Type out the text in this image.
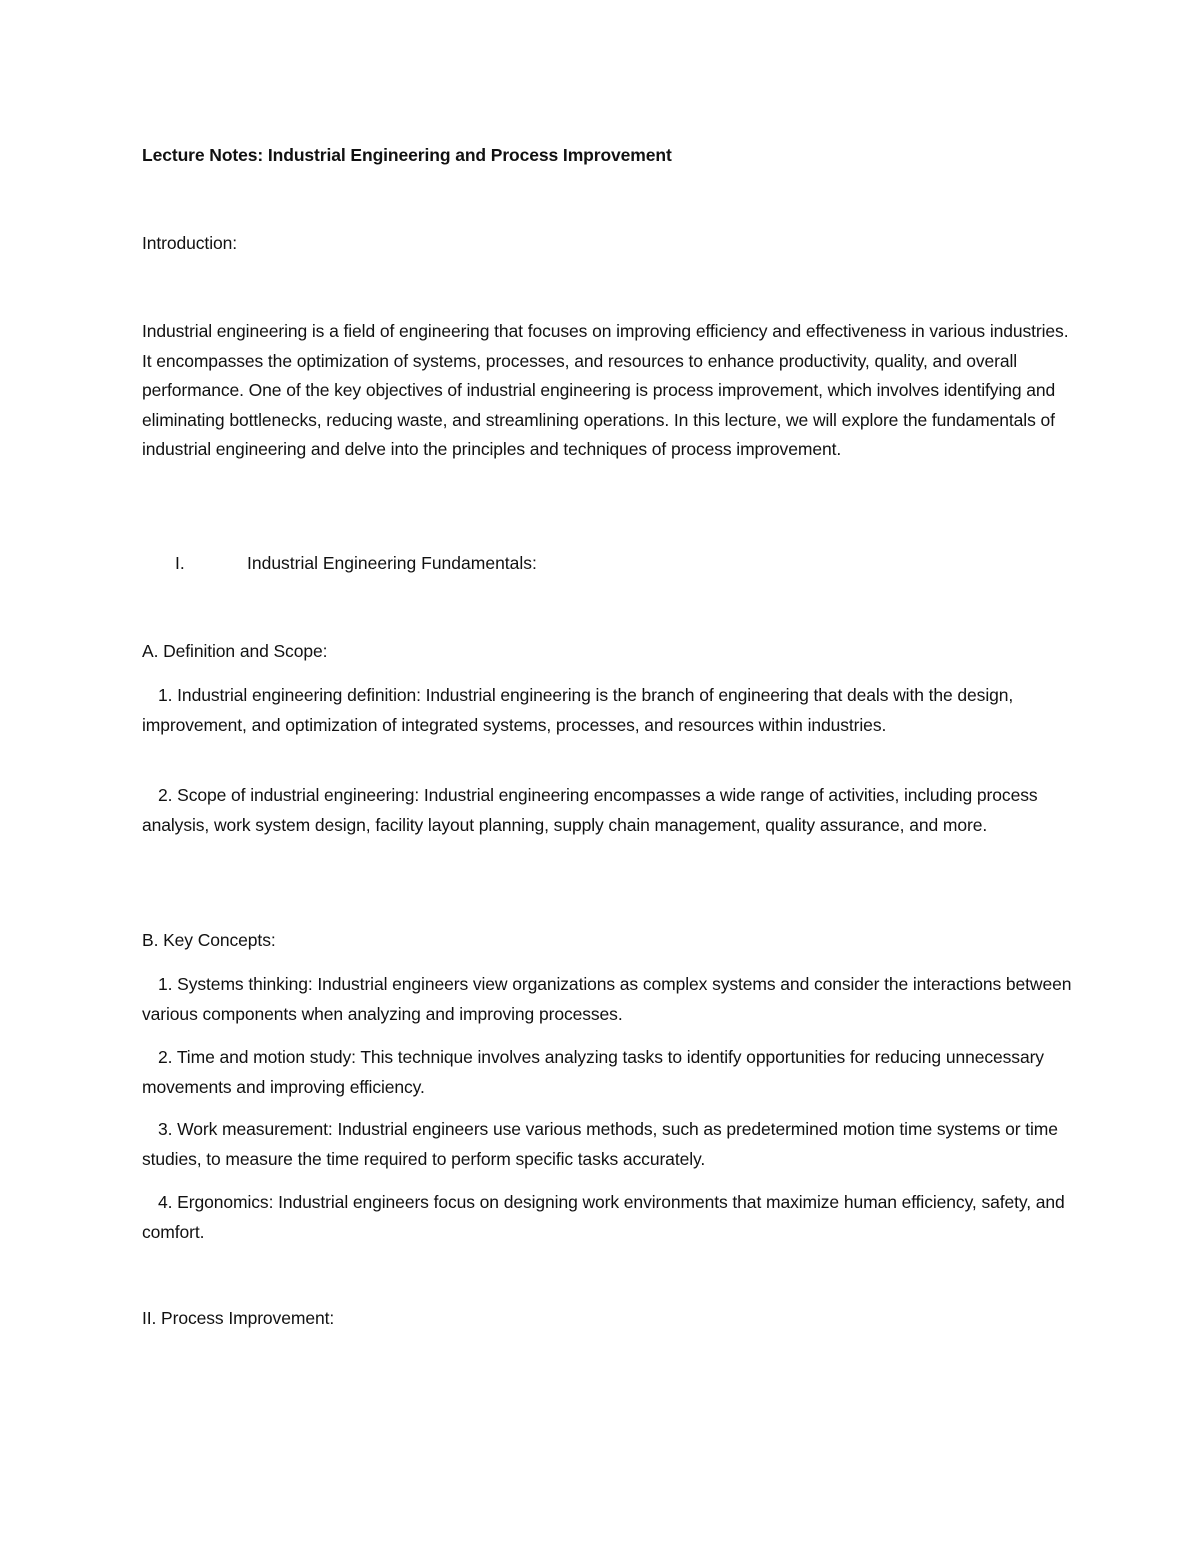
Lecture Notes: Industrial Engineering and Process Improvement

Introduction:

Industrial engineering is a field of engineering that focuses on improving efficiency and effectiveness in various industries. It encompasses the optimization of systems, processes, and resources to enhance productivity, quality, and overall performance. One of the key objectives of industrial engineering is process improvement, which involves identifying and eliminating bottlenecks, reducing waste, and streamlining operations. In this lecture, we will explore the fundamentals of industrial engineering and delve into the principles and techniques of process improvement.

I.	Industrial Engineering Fundamentals:

A. Definition and Scope:

1. Industrial engineering definition: Industrial engineering is the branch of engineering that deals with the design, improvement, and optimization of integrated systems, processes, and resources within industries.

2. Scope of industrial engineering: Industrial engineering encompasses a wide range of activities, including process analysis, work system design, facility layout planning, supply chain management, quality assurance, and more.

B. Key Concepts:

1. Systems thinking: Industrial engineers view organizations as complex systems and consider the interactions between various components when analyzing and improving processes.

2. Time and motion study: This technique involves analyzing tasks to identify opportunities for reducing unnecessary movements and improving efficiency.

3. Work measurement: Industrial engineers use various methods, such as predetermined motion time systems or time studies, to measure the time required to perform specific tasks accurately.

4. Ergonomics: Industrial engineers focus on designing work environments that maximize human efficiency, safety, and comfort.

II. Process Improvement:
